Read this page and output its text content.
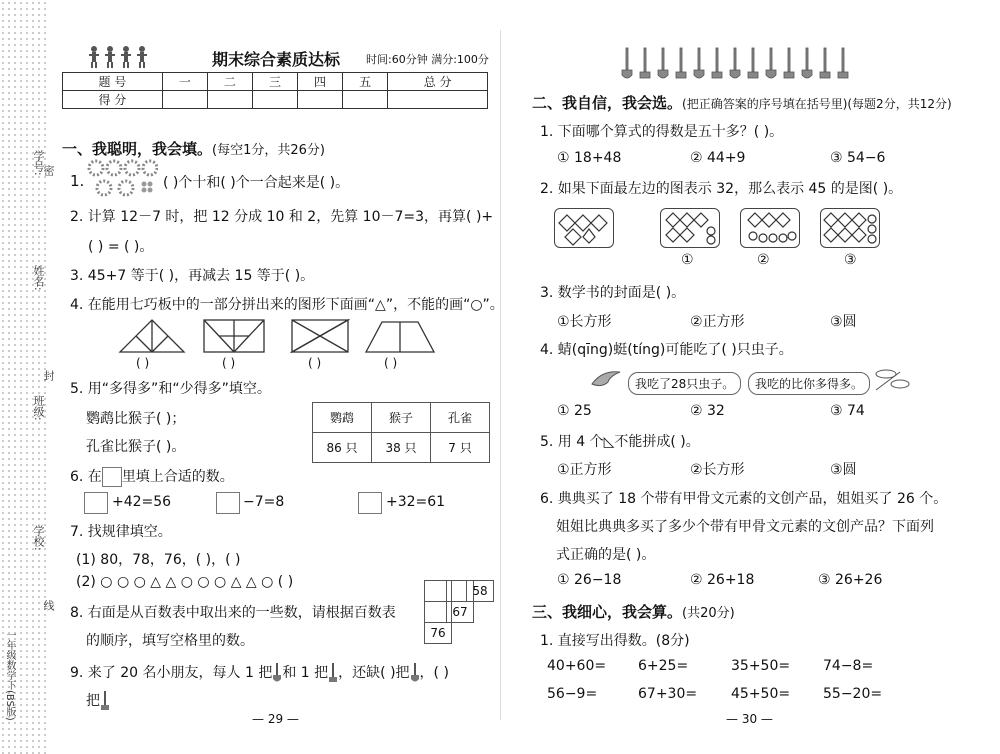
学号:
密
姓名:
封
班级:
学校:
线
一年级数学下(BS版)
期末综合素质达标 时间:60分钟 满分:100分
题 号	一	二	三	四	五	总 分
得 分						
一、我聪明，我会填。(每空1分，共26分)
1.	( )个十和( )个一合起来是( )。
2. 计算 12－7 时，把 12 分成 10 和 2，先算 10－7=3，再算( )+
( ) = ( )。
3. 45+7 等于( )，再减去 15 等于( )。
4. 在能用七巧板中的一部分拼出来的图形下面画“△”，不能的画“○”。
( )	( )	( )	( )
5. 用“多得多”和“少得多”填空。
鹦鹉比猴子( )；
孔雀比猴子( )。
鹦鹉	猴子	孔雀
86 只	38 只	7 只
6. 在 里填上合适的数。
+42=56	−7=8	+32=61
7. 找规律填空。
(1) 80，78，76，( )，( )
(2) ○ ○ ○ △ △ ○ ○ ○ △ △ ○ ( )
8. 右面是从百数表中取出来的一些数，请根据百数表
的顺序，填写空格里的数。
58
67
76
9. 来了 20 名小朋友，每人 1 把 和 1 把 ，还缺( )把 ，( )
把
— 29 —
二、我自信，我会选。(把正确答案的序号填在括号里)(每题2分，共12分)
1. 下面哪个算式的得数是五十多？( )。
① 18+48	② 44+9	③ 54−6
2. 如果下面最左边的图表示 32，那么表示 45 的是图( )。
①	②	③
3. 数学书的封面是( )。
①长方形	②正方形	③圆
4. 蜻(qīng)蜓(tíng)可能吃了( )只虫子。
我吃了28只虫子。	我吃的比你多得多。
① 25	② 32	③ 74
5. 用 4 个◺不能拼成( )。
①正方形	②长方形	③圆
6. 典典买了 18 个带有甲骨文元素的文创产品，姐姐买了 26 个。
姐姐比典典多买了多少个带有甲骨文元素的文创产品？下面列
式正确的是( )。
① 26−18	② 26+18	③ 26+26
三、我细心，我会算。(共20分)
1. 直接写出得数。(8分)
40+60= 6+25=	35+50= 74−8=
56−9=	67+30= 45+50= 55−20=
— 30 —
